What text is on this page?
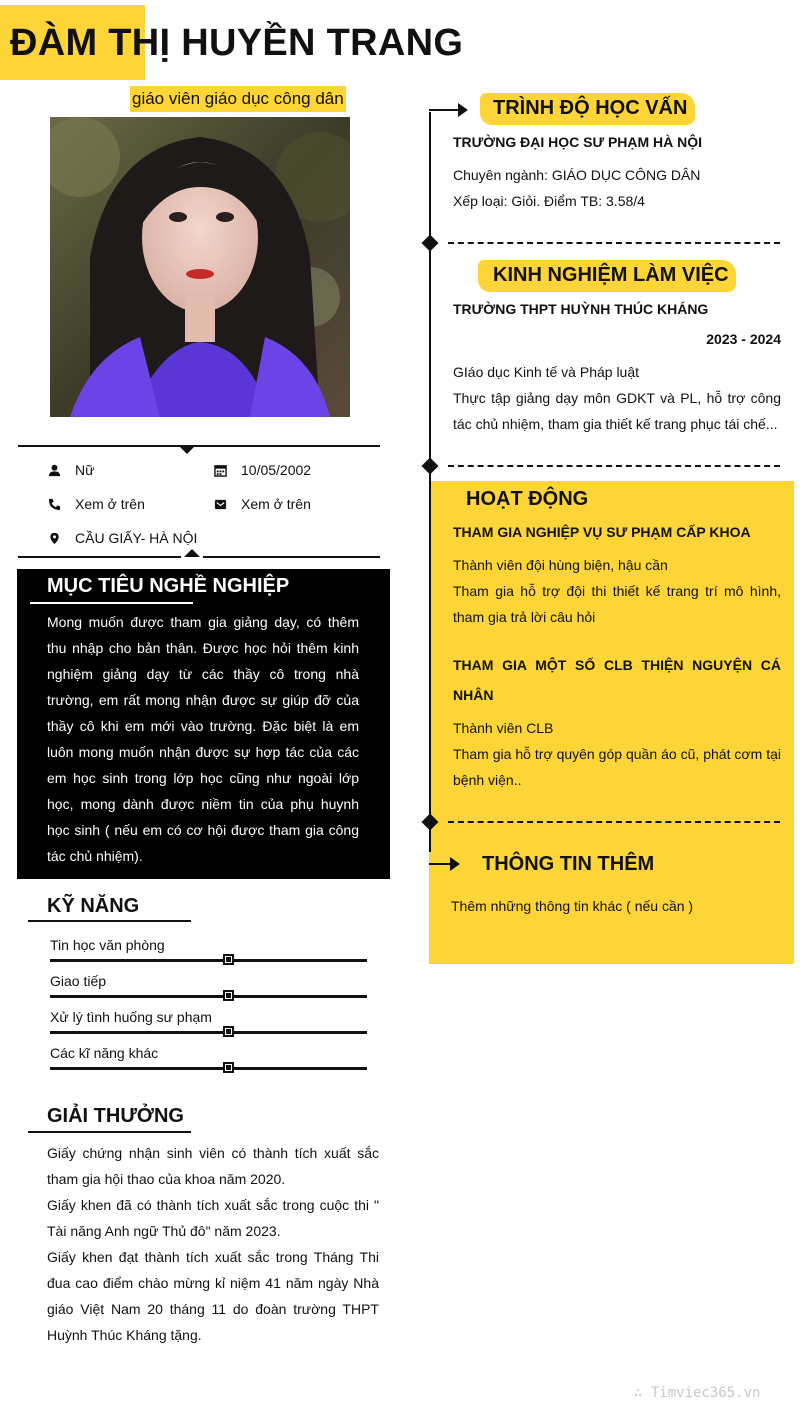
ĐÀM THỊ HUYỀN TRANG
giáo viên giáo dục công dân
Nữ	10/05/2002
Xem ở trên	Xem ở trên
CẦU GIẤY- HÀ NỘI
MỤC TIÊU NGHỀ NGHIỆP
Mong muốn được tham gia giảng dạy, có thêm thu nhập cho bản thân. Được học hỏi thêm kinh nghiệm giảng dạy từ các thầy cô trong nhà trường, em rất mong nhận được sự giúp đỡ của thầy cô khi em mới vào trường. Đặc biệt là em luôn mong muốn nhận được sự hợp tác của các em học sinh trong lớp học cũng như ngoài lớp học, mong dành được niềm tin của phụ huynh học sinh ( nếu em có cơ hội được tham gia công tác chủ nhiệm).
KỸ NĂNG
Tin học văn phòng
Giao tiếp
Xử lý tình huống sư phạm
Các kĩ năng khác
GIẢI THƯỞNG
Giấy chứng nhận sinh viên có thành tích xuất sắc tham gia hội thao của khoa năm 2020.
Giấy khen đã có thành tích xuất sắc trong cuộc thi " Tài năng Anh ngữ Thủ đô" năm 2023.
Giấy khen đạt thành tích xuất sắc trong Tháng Thi đua cao điểm chào mừng kỉ niệm 41 năm ngày Nhà giáo Việt Nam 20 tháng 11 do đoàn trường THPT Huỳnh Thúc Kháng tặng.
TRÌNH ĐỘ HỌC VẤN
TRƯỜNG ĐẠI HỌC SƯ PHẠM HÀ NỘI
Chuyên ngành: GIÁO DỤC CÔNG DÂN
Xếp loại: Giỏi. Điểm TB: 3.58/4
KINH NGHIỆM LÀM VIỆC
TRƯỜNG THPT HUỲNH THÚC KHÁNG
2023 - 2024
GIáo dục Kinh tế và Pháp luật
Thực tập giảng dạy môn GDKT và PL, hỗ trợ công tác chủ nhiệm, tham gia thiết kế trang phục tái chế...
HOẠT ĐỘNG
THAM GIA NGHIỆP VỤ SƯ PHẠM CẤP KHOA
Thành viên đội hùng biện, hậu cần
Tham gia hỗ trợ đội thi thiết kế trang trí mô hình, tham gia trả lời câu hỏi
THAM GIA MỘT SỐ CLB THIỆN NGUYỆN CÁ NHÂN
Thành viên CLB
Tham gia hỗ trợ quyên góp quần áo cũ, phát cơm tại bệnh viện..
THÔNG TIN THÊM
Thêm những thông tin khác ( nếu cần )
∴ Timviec365.vn
